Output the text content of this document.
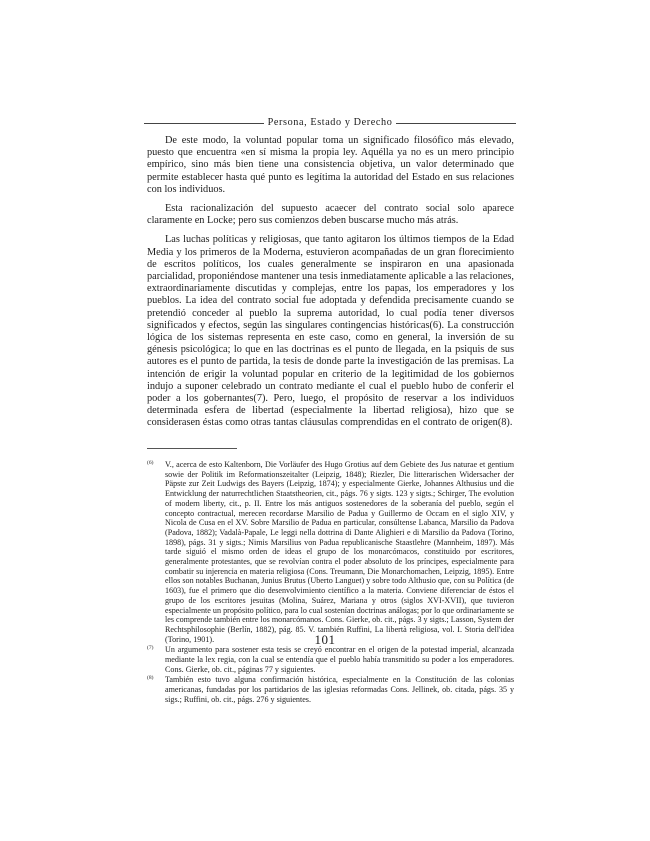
Persona, Estado y Derecho

De este modo, la voluntad popular toma un significado filosófico más elevado, puesto que encuentra «en sí misma la propia ley. Aquélla ya no es un mero principio empírico, sino más bien tiene una consistencia objetiva, un valor determinado que permite establecer hasta qué punto es legítima la autoridad del Estado en sus relaciones con los individuos.

Esta racionalización del supuesto acaecer del contrato social solo aparece claramente en Locke; pero sus comienzos deben buscarse mucho más atrás.

Las luchas políticas y religiosas, que tanto agitaron los últimos tiempos de la Edad Media y los primeros de la Moderna, estuvieron acompañadas de un gran florecimiento de escritos políticos, los cuales generalmente se inspiraron en una apasionada parcialidad, proponiéndose mantener una tesis inmediatamente aplicable a las relaciones, extraordinariamente discutidas y complejas, entre los papas, los emperadores y los pueblos. La idea del contrato social fue adoptada y defendida precisamente cuando se pretendió conceder al pueblo la suprema autoridad, lo cual podía tener diversos significados y efectos, según las singulares contingencias históricas(6). La construcción lógica de los sistemas representa en este caso, como en general, la inversión de su génesis psicológica; lo que en las doctrinas es el punto de llegada, en la psiquis de sus autores es el punto de partida, la tesis de donde parte la investigación de las premisas. La intención de erigir la voluntad popular en criterio de la legitimidad de los gobiernos indujo a suponer celebrado un contrato mediante el cual el pueblo hubo de conferir el poder a los gobernantes(7). Pero, luego, el propósito de reservar a los individuos determinada esfera de libertad (especialmente la libertad religiosa), hizo que se considerasen éstas como otras tantas cláusulas comprendidas en el contrato de origen(8).

(6) V., acerca de esto Kaltenborn, Die Vorläufer des Hugo Grotius auf dem Gebiete des Jus naturae et gentium sowie der Politik im Reformationszeitalter (Leipzig, 1848); Riezler, Die litterarischen Widersacher der Päpste zur Zeit Ludwigs des Bayers (Leipzig, 1874); y especialmente Gierke, Johannes Althusius und die Entwicklung der naturrechtlichen Staatstheorien, cit., págs. 76 y sigts. 123 y sigts.; Schirger, The evolution of modern liberty, cit., p. II. Entre los más antiguos sostenedores de la soberanía del pueblo, según el concepto contractual, merecen recordarse Marsilio de Padua y Guillermo de Occam en el siglo XIV, y Nicola de Cusa en el XV. Sobre Marsilio de Padua en particular, consúltense Labanca, Marsilio da Padova (Padova, 1882); Vadalà-Papale, Le leggi nella dottrina di Dante Alighieri e di Marsilio da Padova (Torino, 1898), págs. 31 y sigts.; Nimis Marsilius von Padua republicanische Staastlehre (Mannheim, 1897). Más tarde siguió el mismo orden de ideas el grupo de los monarcómacos, constituido por escritores, generalmente protestantes, que se revolvían contra el poder absoluto de los príncipes, especialmente para combatir su injerencia en materia religiosa (Cons. Treumann, Die Monarchomachen, Leipzig, 1895). Entre ellos son notables Buchanan, Junius Brutus (Uberto Languet) y sobre todo Althusio que, con su Política (de 1603), fue el primero que dio desenvolvimiento científico a la materia. Conviene diferenciar de éstos el grupo de los escritores jesuitas (Molina, Suárez, Mariana y otros (siglos XVI-XVII), que tuvieron especialmente un propósito político, para lo cual sostenían doctrinas análogas; por lo que ordinariamente se les comprende también entre los monarcómanos. Cons. Gierke, ob. cit., págs. 3 y sigts.; Lasson, System der Rechtsphilosophie (Berlín, 1882), pág. 85. V. también Ruffini, La libertà religiosa, vol. I. Storia dell'idea (Torino, 1901).
(7) Un argumento para sostener esta tesis se creyó encontrar en el origen de la potestad imperial, alcanzada mediante la lex regia, con la cual se entendía que el pueblo había transmitido su poder a los emperadores. Cons. Gierke, ob. cit., páginas 77 y siguientes.
(8) También esto tuvo alguna confirmación histórica, especialmente en la Constitución de las colonias americanas, fundadas por los partidarios de las iglesias reformadas Cons. Jellinek, ob. citada, págs. 35 y sigs.; Ruffini, ob. cit., págs. 276 y siguientes.
101
